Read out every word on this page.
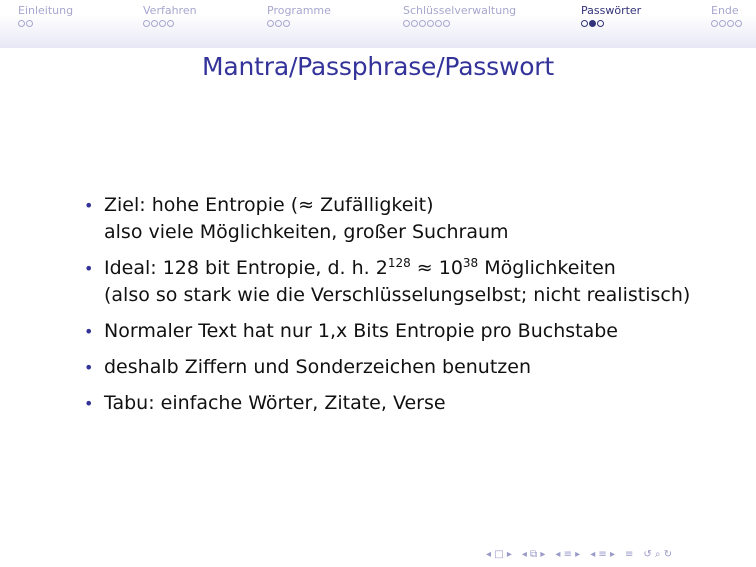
Einleitung	Verfahren	Programme	Schlüsselverwaltung	Passwörter	Ende
Mantra/Passphrase/Passwort
• Ziel: hohe Entropie (≈ Zufälligkeit)
also viele Möglichkeiten, großer Suchraum
• Ideal: 128 bit Entropie, d. h. $2^{128} \approx 10^{38}$ Möglichkeiten
(also so stark wie die Verschlüsselungselbst; nicht realistisch)
• Normaler Text hat nur 1,x Bits Entropie pro Buchstabe
• deshalb Ziffern und Sonderzeichen benutzen
• Tabu: einfache Wörter, Zitate, Verse
◂ □ ▸ ◂ ⧉ ▸ ◂ ≡ ▸ ◂ ≡ ▸ ≡ ↺ ⌕ ↻
